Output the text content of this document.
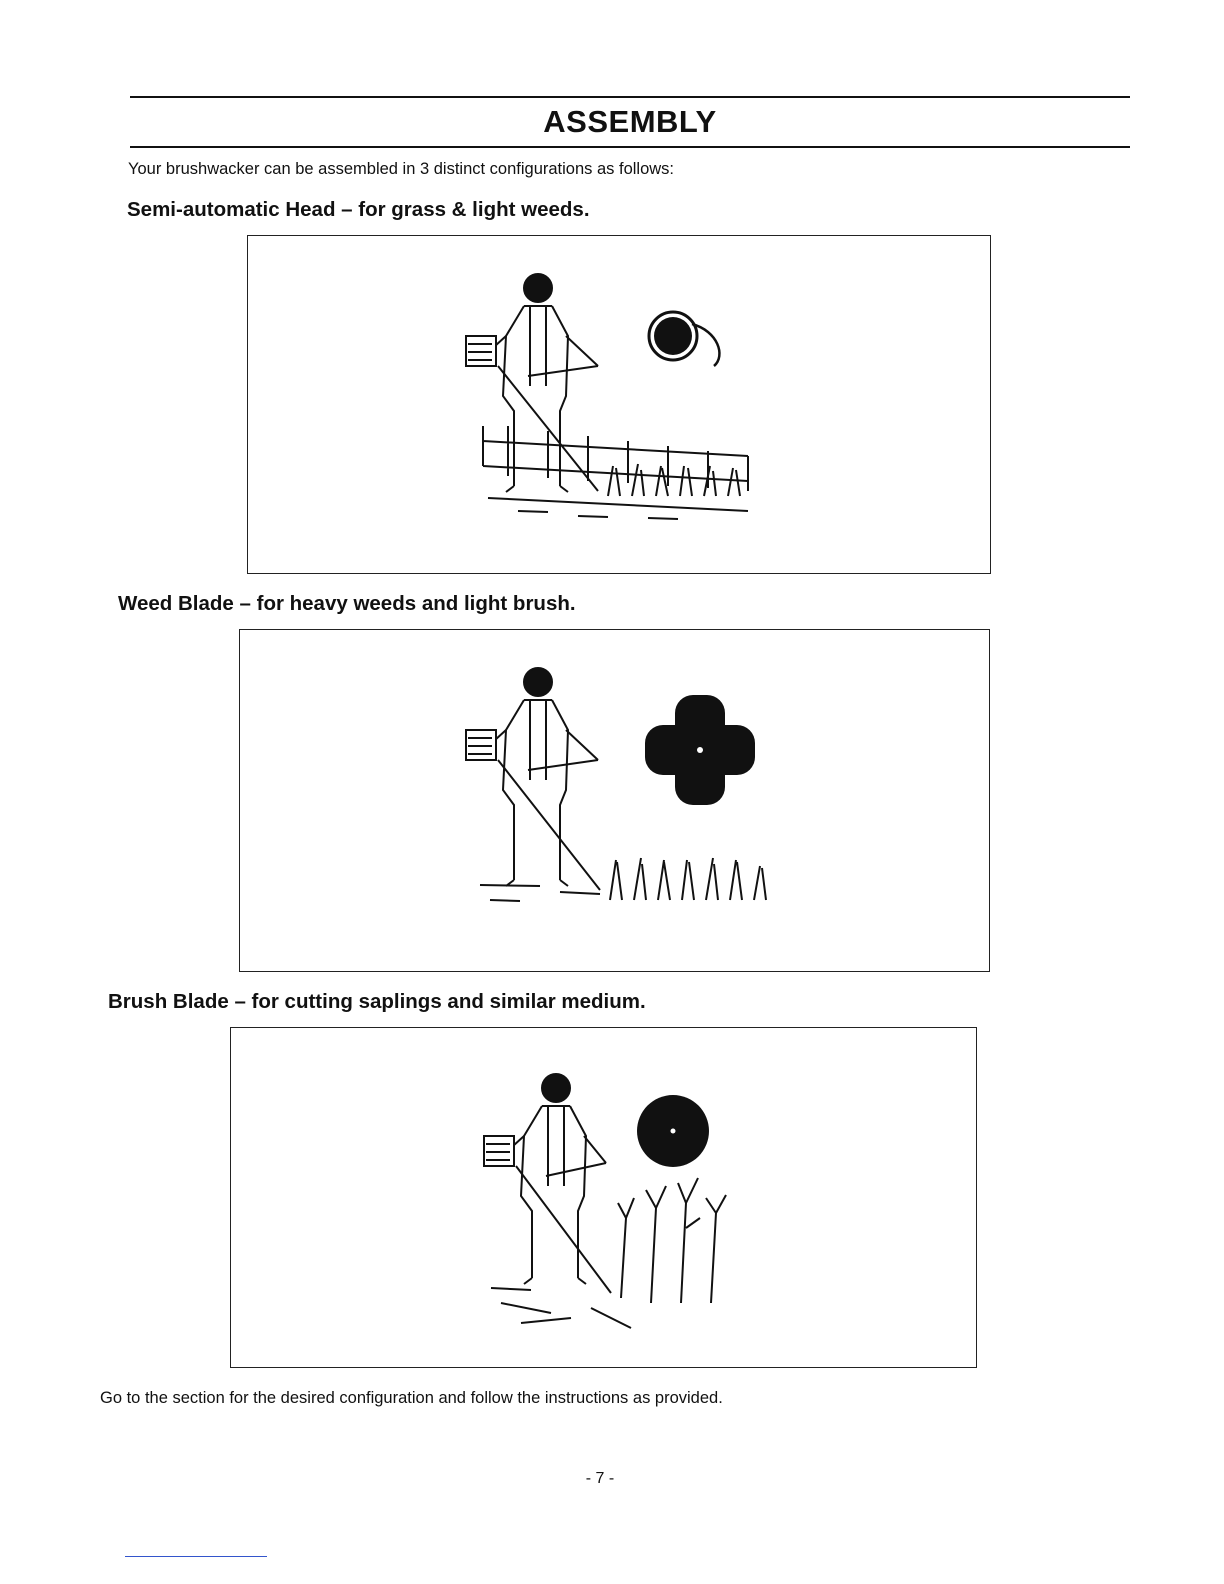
ASSEMBLY
Your brushwacker can be assembled in 3 distinct configurations as follows:
Semi-automatic Head – for grass & light weeds.
Weed Blade – for heavy weeds and light brush.
Brush Blade – for cutting saplings and similar medium.
Go to the section for the desired configuration and follow the instructions as provided.
- 7 -
